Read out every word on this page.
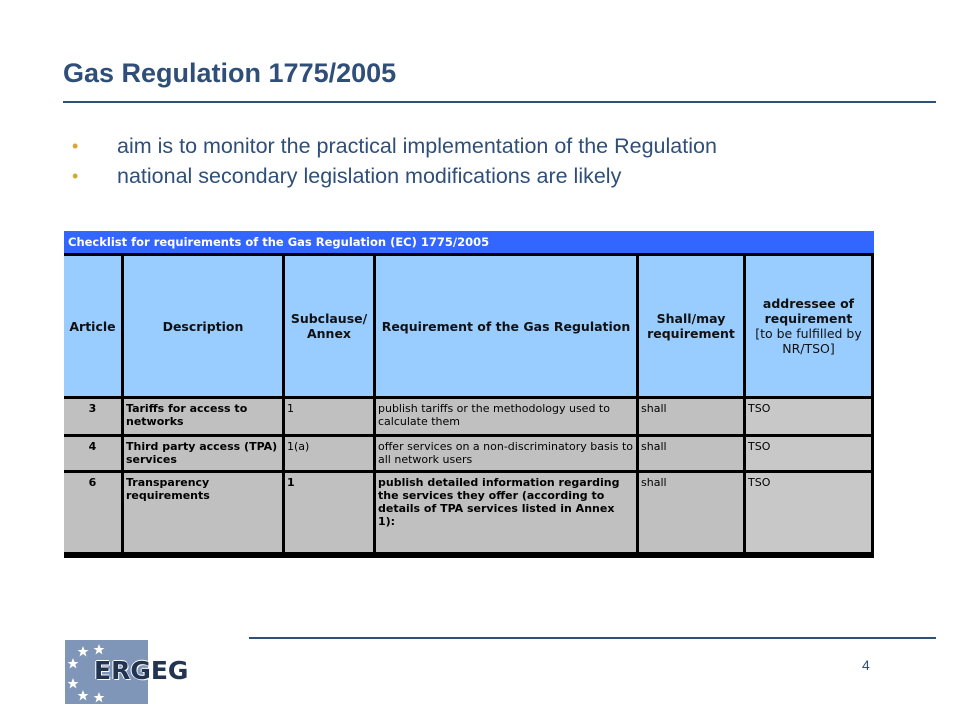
Gas Regulation 1775/2005
• aim is to monitor the practical implementation of the Regulation
• national secondary legislation modifications are likely
Checklist for requirements of the Gas Regulation (EC) 1775/2005					
Article	Description	Subclause/ Annex	Requirement of the Gas Regulation	Shall/may requirement	addressee of requirement
[to be fulfilled by NR/TSO]
3	Tariffs for access to networks	1	publish tariffs or the methodology used to calculate them	shall	TSO
4	Third party access (TPA) services	1(a)	offer services on a non-discriminatory basis to all network users	shall	TSO
6	Transparency requirements	1	publish detailed information regarding the services they offer (according to details of TPA services listed in Annex 1):	shall	TSO
4
ERGEG
